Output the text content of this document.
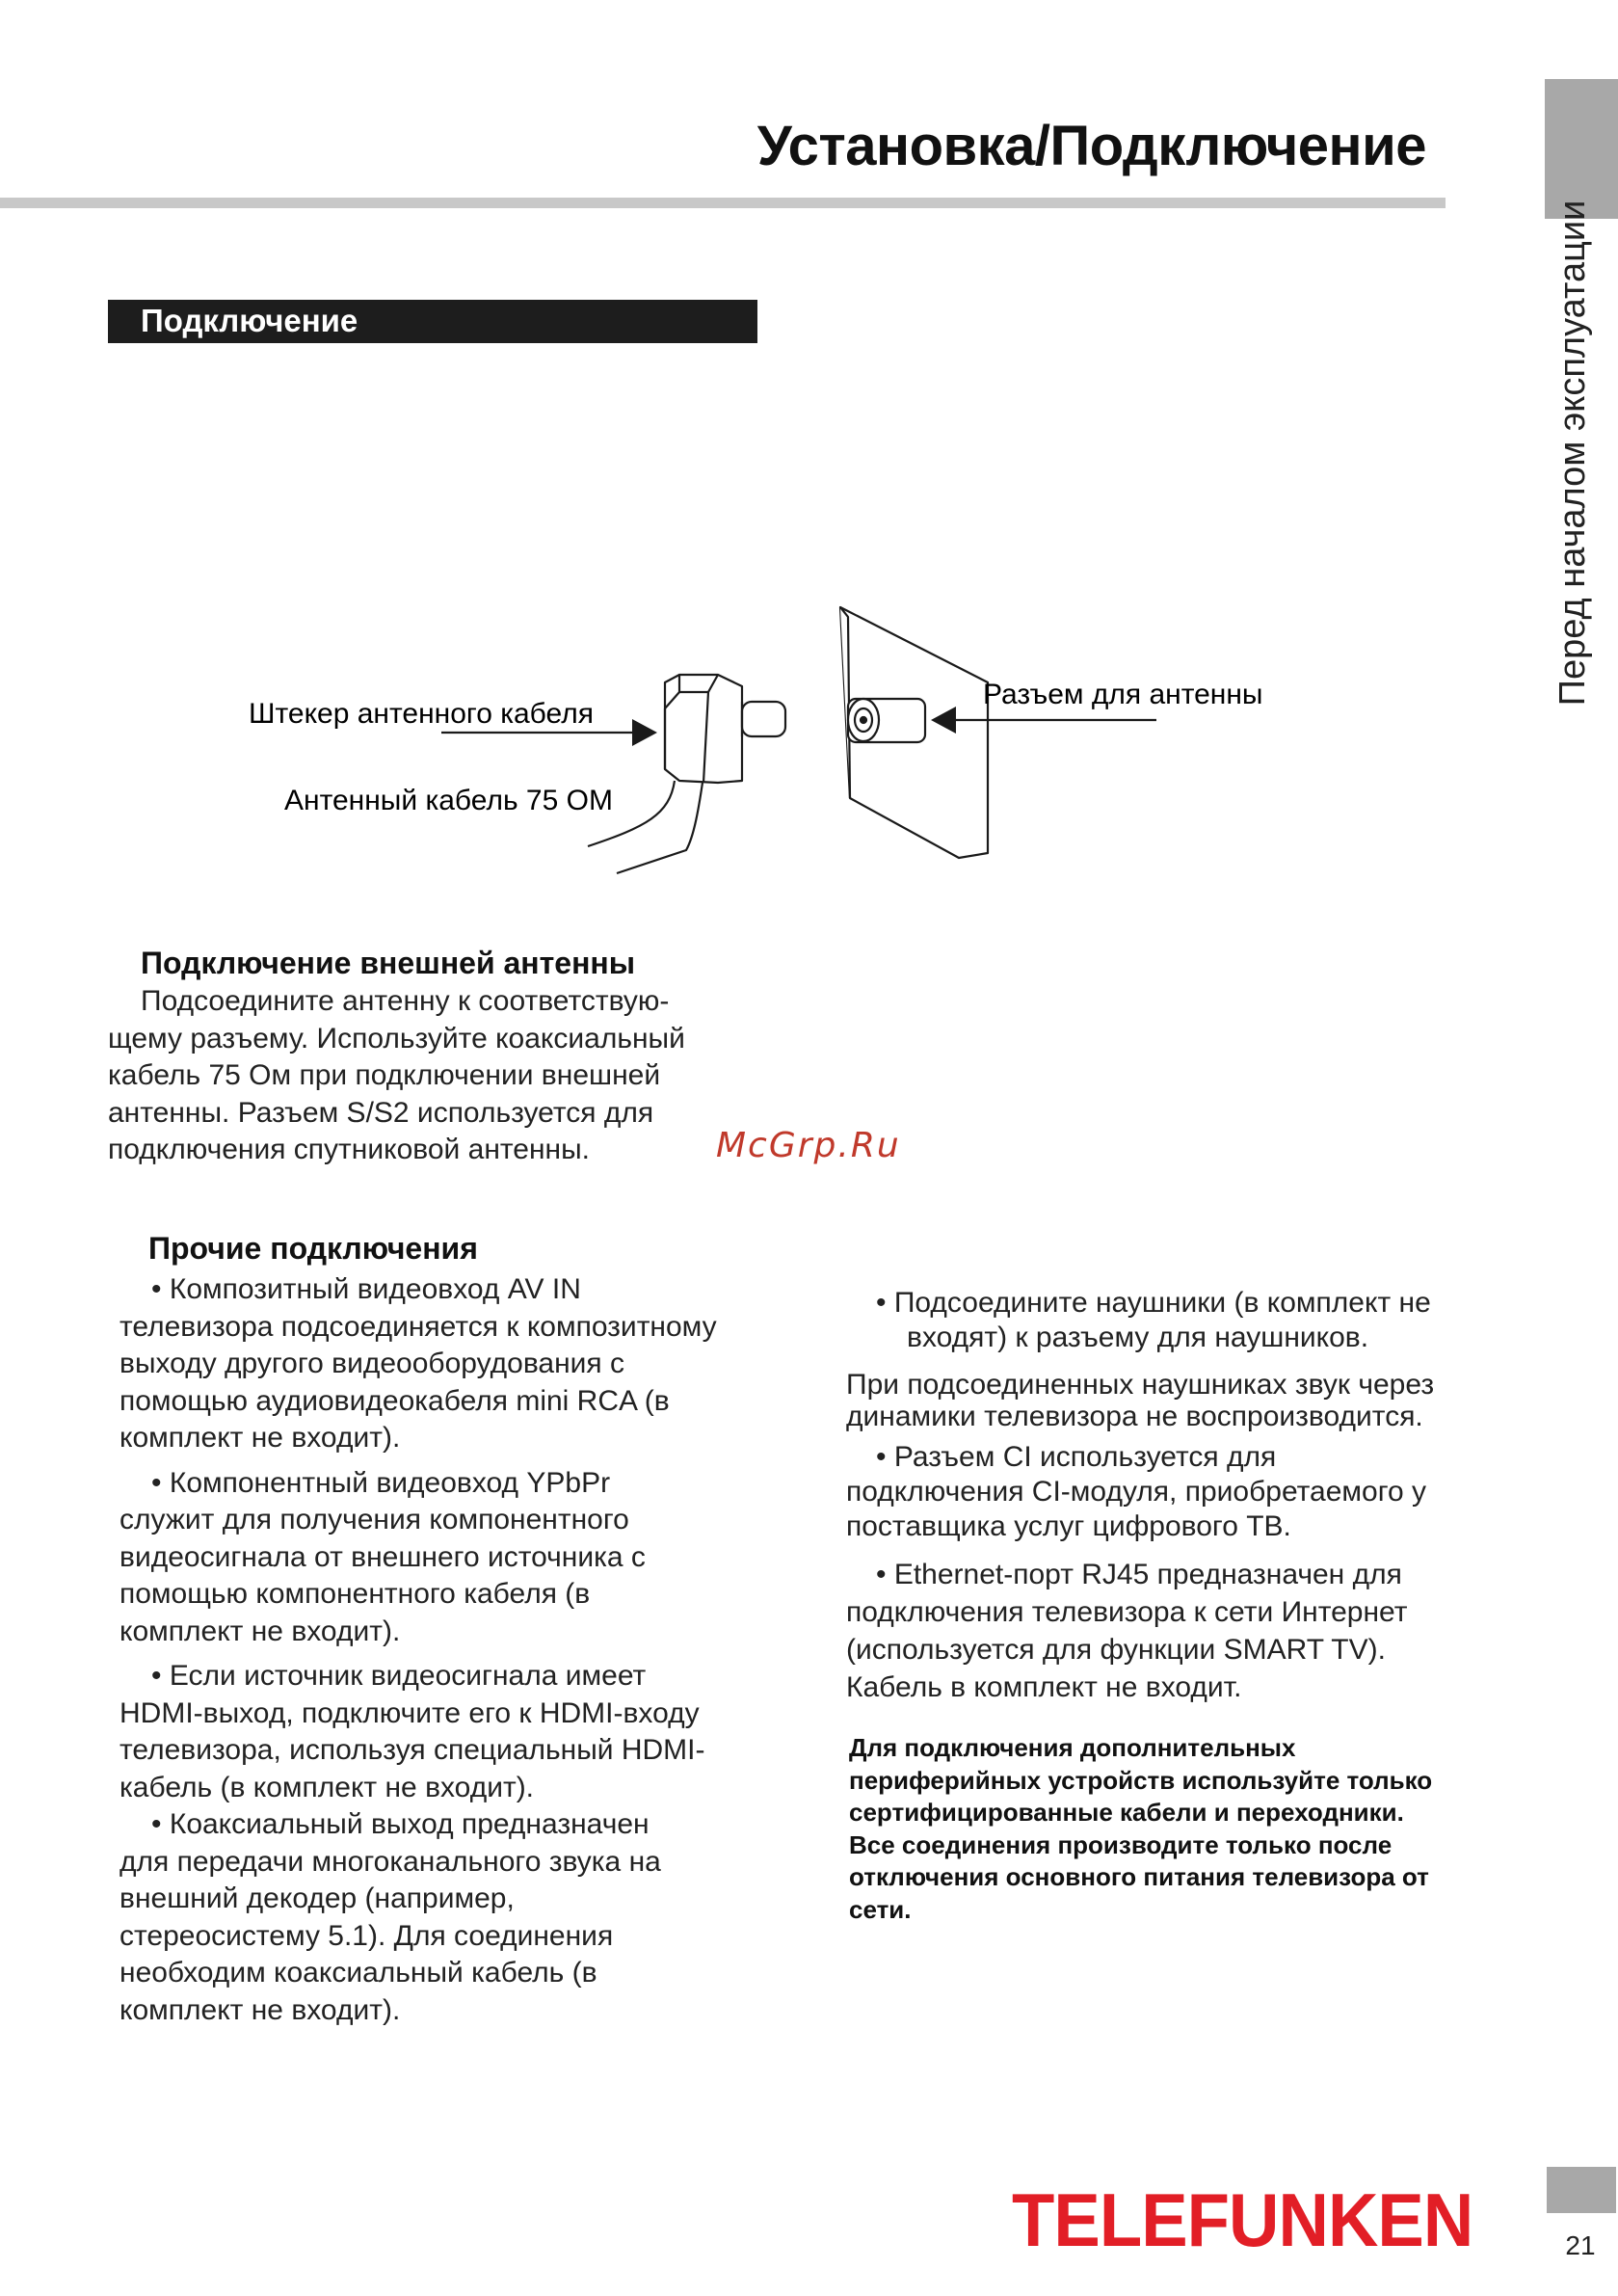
Установка/Подключение
Перед началом эксплуатации
Подключение
Штекер антенного кабеля
Антенный кабель 75 ОМ
Разъем для антенны
Подключение внешней антенны

Подсоедините антенну к соответствую-

щему разъему. Используйте коаксиальный

кабель 75 Ом при подключении внешней

антенны. Разъем S/S2 используется для

подключения спутниковой антенны.	McGrp.Ru
Прочие подключения

• Композитный видеовход AV IN

телевизора подсоединяется к композитному

выходу другого видеооборудования с

помощью аудиовидеокабеля mini RCA (в

комплект не входит).

• Компонентный видеовход YPbPr

служит для получения компонентного

видеосигнала от внешнего источника с

помощью компонентного кабеля (в

комплект не входит).

• Если источник видеосигнала имеет

HDMI-выход, подключите его к HDMI-входу

телевизора, используя специальный HDMI-

кабель (в комплект не входит).

• Коаксиальный выход предназначен

для передачи многоканального звука на

внешний декодер (например,

стереосистему 5.1). Для соединения

необходим коаксиальный кабель (в

комплект не входит).

• Подсоедините наушники (в комплект не

входят) к разъему для наушников.

При подсоединенных наушниках звук через

динамики телевизора не воспроизводится.

• Разъем CI используется для

подключения CI-модуля, приобретаемого у

поставщика услуг цифрового ТВ.

• Ethernet-порт RJ45 предназначен для

подключения телевизора к сети Интернет

(используется для функции SMART TV).

Кабель в комплект не входит.

Для подключения дополнительных
периферийных устройств используйте только
сертифицированные кабели и переходники.
Все соединения производите только после
отключения основного питания телевизора от
сети.
TELEFUNKEN	21
